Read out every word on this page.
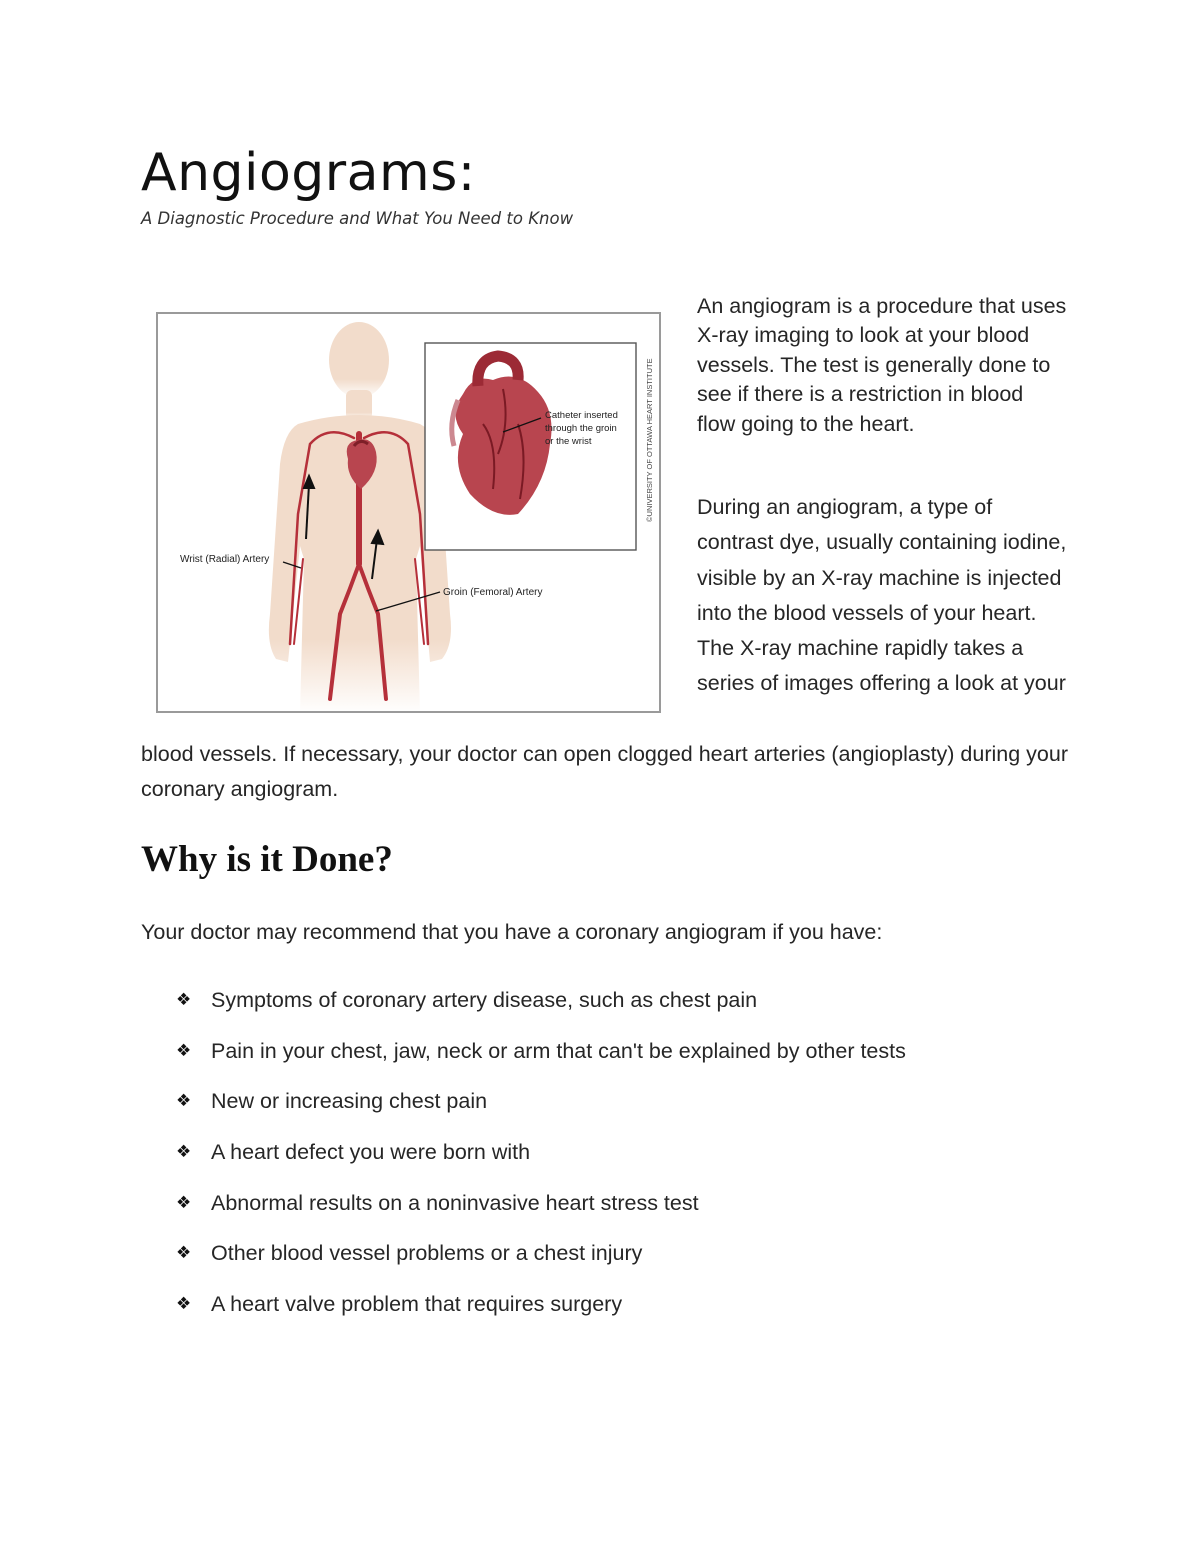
Angiograms:

A Diagnostic Procedure and What You Need to Know

Wrist (Radial) Artery
Groin (Femoral) Artery
Catheter inserted
through the groin
or the wrist	©UNIVERSITY OF OTTAWA HEART INSTITUTE

An angiogram is a procedure that uses X-ray imaging to look at your blood vessels. The test is generally done to see if there is a restriction in blood flow going to the heart.

During an angiogram, a type of contrast dye, usually containing iodine, visible by an X-ray machine is injected into the blood vessels of your heart. The X-ray machine rapidly takes a series of images offering a look at your

blood vessels. If necessary, your doctor can open clogged heart arteries (angioplasty) during your coronary angiogram.

Why is it Done?

Your doctor may recommend that you have a coronary angiogram if you have:

❖ Symptoms of coronary artery disease, such as chest pain
❖ Pain in your chest, jaw, neck or arm that can't be explained by other tests
❖ New or increasing chest pain
❖ A heart defect you were born with
❖ Abnormal results on a noninvasive heart stress test
❖ Other blood vessel problems or a chest injury
❖ A heart valve problem that requires surgery
